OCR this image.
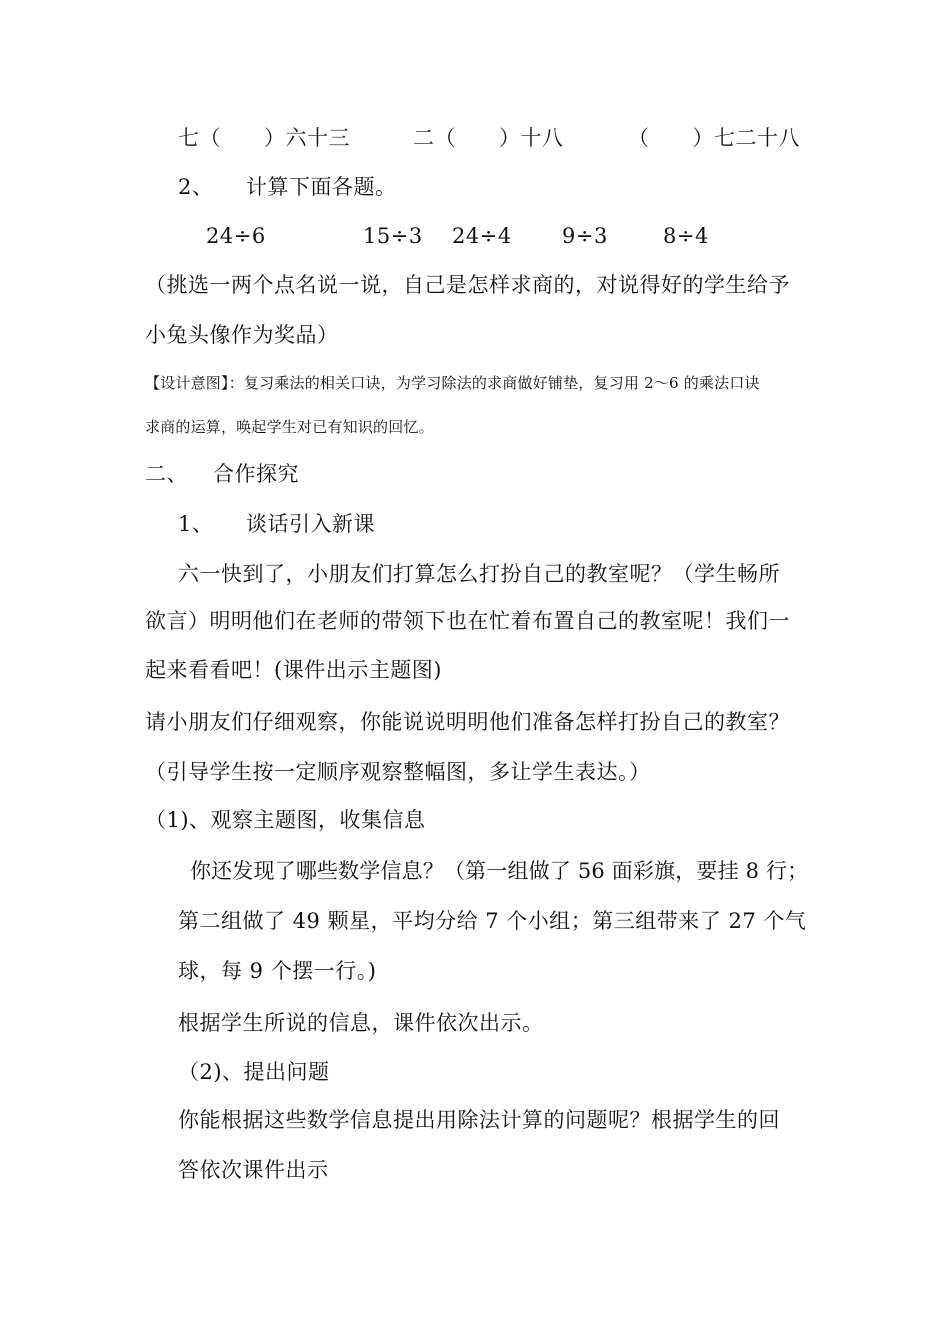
七（　　）六十三	二（　　）十八	（　　）七二十八
2、 计算下面各题。
24÷6	15÷3 24÷4 9÷3	8÷4
（挑选一两个点名说一说，自己是怎样求商的，对说得好的学生给予
小兔头像作为奖品）
【设计意图】：复习乘法的相关口诀，为学习除法的求商做好铺垫，复习用 2～6 的乘法口诀
求商的运算，唤起学生对已有知识的回忆。
二、 合作探究
1、 谈话引入新课
六一快到了，小朋友们打算怎么打扮自己的教室呢？（学生畅所
欲言）明明他们在老师的带领下也在忙着布置自己的教室呢！我们一
起来看看吧！(课件出示主题图)
请小朋友们仔细观察，你能说说明明他们准备怎样打扮自己的教室？
（引导学生按一定顺序观察整幅图，多让学生表达。）
（1)、观察主题图，收集信息
你还发现了哪些数学信息？（第一组做了 56 面彩旗，要挂 8 行；
第二组做了 49 颗星，平均分给 7 个小组；第三组带来了 27 个气
球，每 9 个摆一行。)
根据学生所说的信息，课件依次出示。
（2)、提出问题
你能根据这些数学信息提出用除法计算的问题呢？根据学生的回
答依次课件出示
